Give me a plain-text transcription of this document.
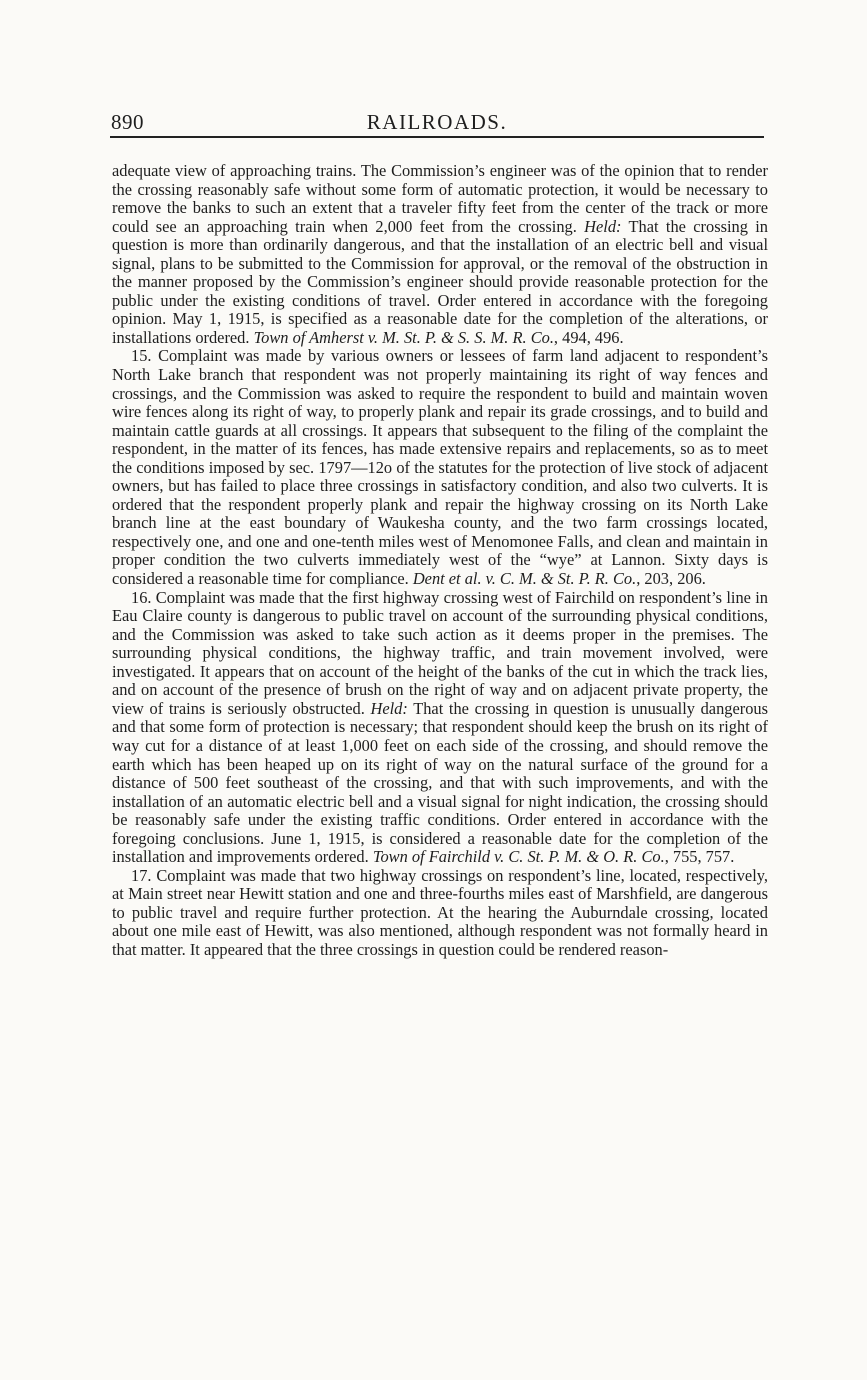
890	RAILROADS.

adequate view of approaching trains. The Commission’s engineer was of the opinion that to render the crossing reasonably safe without some form of automatic protection, it would be necessary to remove the banks to such an extent that a traveler fifty feet from the center of the track or more could see an approaching train when 2,000 feet from the crossing. Held: That the crossing in question is more than ordinarily dangerous, and that the installation of an electric bell and visual signal, plans to be submitted to the Commission for approval, or the removal of the obstruction in the manner proposed by the Commission’s engineer should provide reasonable protection for the public under the existing conditions of travel. Order entered in accordance with the foregoing opinion. May 1, 1915, is specified as a reasonable date for the completion of the alterations, or installations ordered. Town of Amherst v. M. St. P. & S. S. M. R. Co., 494, 496.

15. Complaint was made by various owners or lessees of farm land adjacent to respondent’s North Lake branch that respondent was not properly maintaining its right of way fences and crossings, and the Commission was asked to require the respondent to build and maintain woven wire fences along its right of way, to properly plank and repair its grade crossings, and to build and maintain cattle guards at all crossings. It appears that subsequent to the filing of the complaint the respondent, in the matter of its fences, has made extensive repairs and replacements, so as to meet the conditions imposed by sec. 1797—12o of the statutes for the protection of live stock of adjacent owners, but has failed to place three crossings in satisfactory condition, and also two culverts. It is ordered that the respondent properly plank and repair the highway crossing on its North Lake branch line at the east boundary of Waukesha county, and the two farm crossings located, respectively one, and one and one-tenth miles west of Menomonee Falls, and clean and maintain in proper condition the two culverts immediately west of the “wye” at Lannon. Sixty days is considered a reasonable time for compliance. Dent et al. v. C. M. & St. P. R. Co., 203, 206.

16. Complaint was made that the first highway crossing west of Fairchild on respondent’s line in Eau Claire county is dangerous to public travel on account of the surrounding physical conditions, and the Commission was asked to take such action as it deems proper in the premises. The surrounding physical conditions, the highway traffic, and train movement involved, were investigated. It appears that on account of the height of the banks of the cut in which the track lies, and on account of the presence of brush on the right of way and on adjacent private property, the view of trains is seriously obstructed. Held: That the crossing in question is unusually dangerous and that some form of protection is necessary; that respondent should keep the brush on its right of way cut for a distance of at least 1,000 feet on each side of the crossing, and should remove the earth which has been heaped up on its right of way on the natural surface of the ground for a distance of 500 feet southeast of the crossing, and that with such improvements, and with the installation of an automatic electric bell and a visual signal for night indication, the crossing should be reasonably safe under the existing traffic conditions. Order entered in accordance with the foregoing conclusions. June 1, 1915, is considered a reasonable date for the completion of the installation and improvements ordered. Town of Fairchild v. C. St. P. M. & O. R. Co., 755, 757.

17. Complaint was made that two highway crossings on respondent’s line, located, respectively, at Main street near Hewitt station and one and three-fourths miles east of Marshfield, are dangerous to public travel and require further protection. At the hearing the Auburndale crossing, located about one mile east of Hewitt, was also mentioned, although respondent was not formally heard in that matter. It appeared that the three crossings in question could be rendered reason-
